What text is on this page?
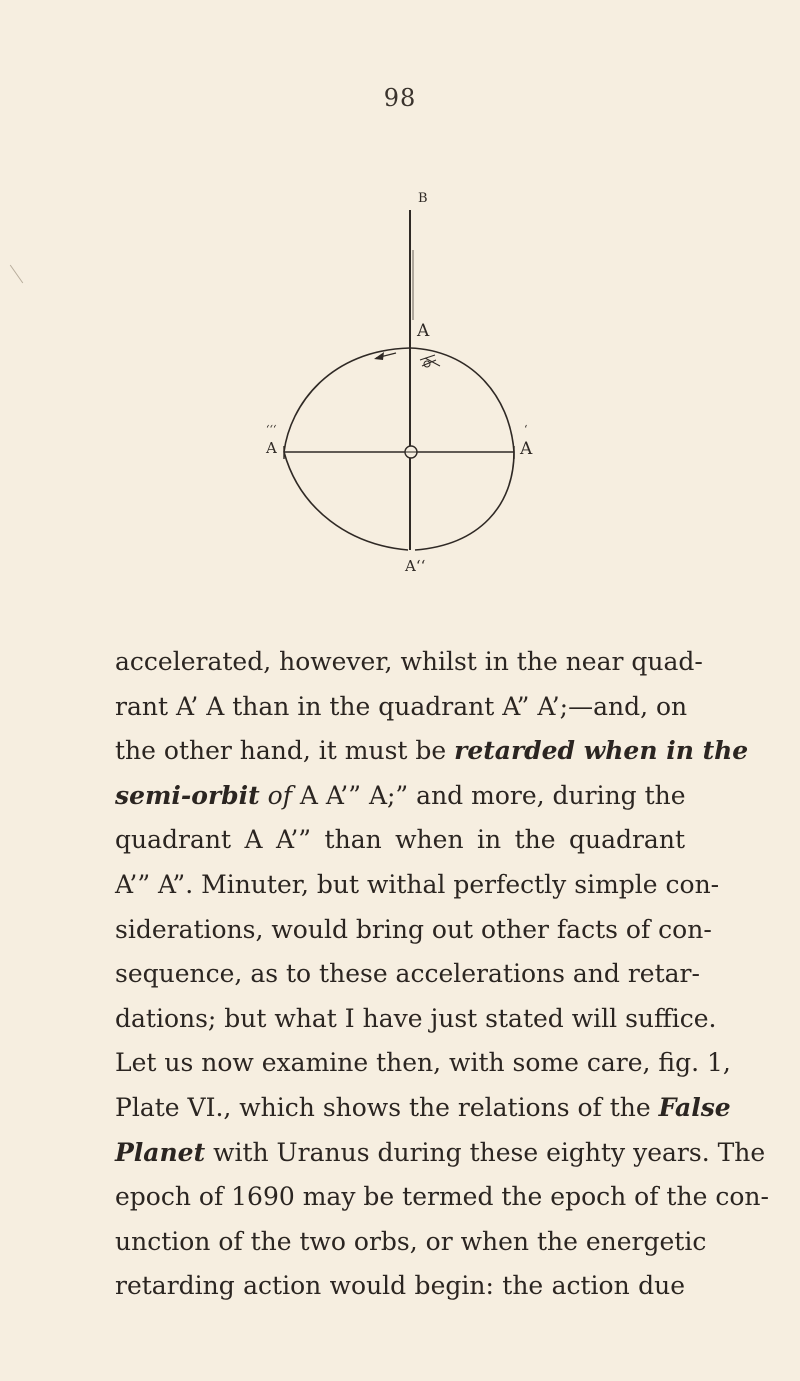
98
B
A
‘‘‘
A
‘
A
A‘‘
accelerated, however, whilst in the near quad-
rant A’ A than in the quadrant A” A’;—and, on
the other hand, it must be retarded when in the
semi-orbit of A A’” A;” and more, during the
quadrant A A’” than when in the quadrant
A’” A”. Minuter, but withal perfectly simple con-
siderations, would bring out other facts of con-
sequence, as to these accelerations and retar-
dations; but what I have just stated will suffice.
Let us now examine then, with some care, fig. 1,
Plate VI., which shows the relations of the False
Planet with Uranus during these eighty years. The
epoch of 1690 may be termed the epoch of the con-
unction of the two orbs, or when the energetic
retarding action would begin: the action due
